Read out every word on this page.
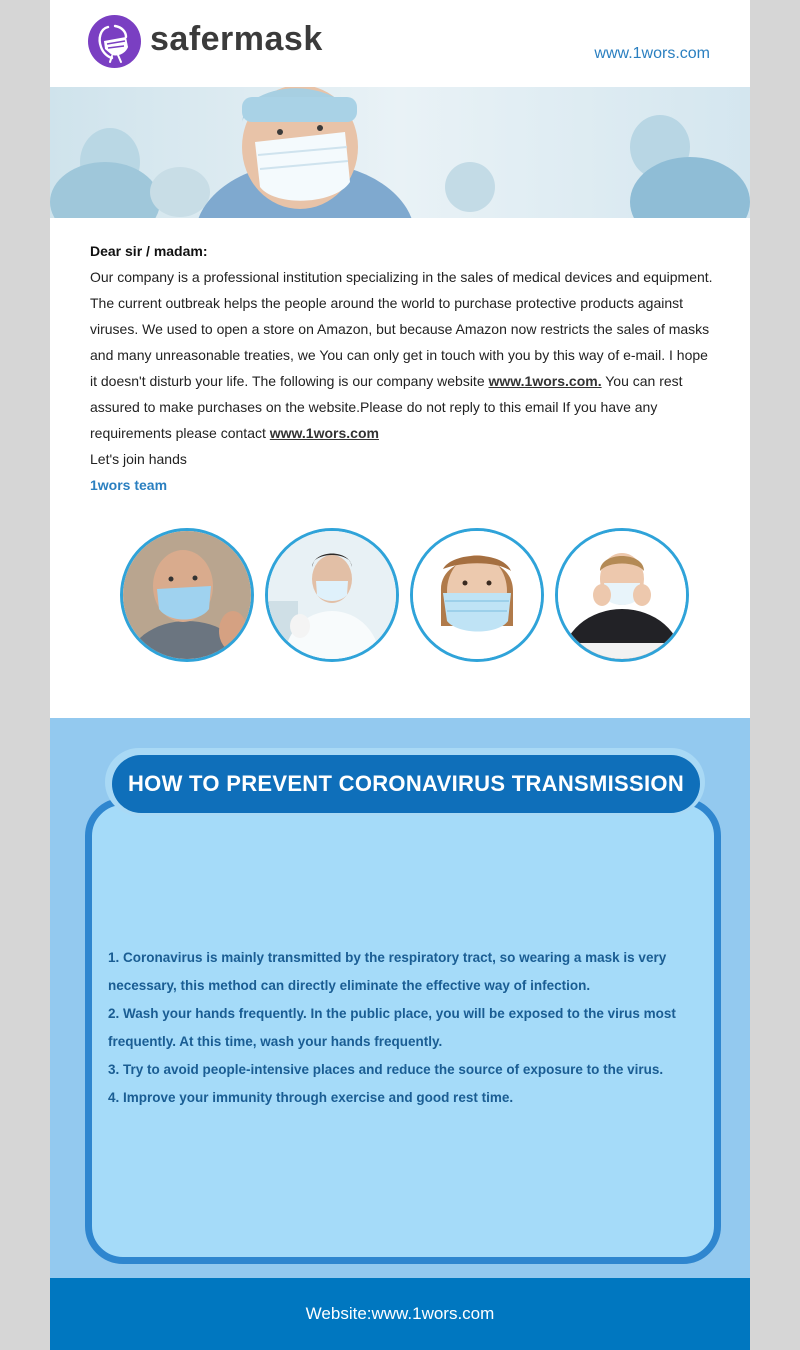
safermask	www.1wors.com
Dear sir / madam:
Our company is a professional institution specializing in the sales of medical devices and equipment. The current outbreak helps the people around the world to purchase protective products against viruses. We used to open a store on Amazon, but because Amazon now restricts the sales of masks and many unreasonable treaties, we You can only get in touch with you by this way of e-mail. I hope it doesn't disturb your life. The following is our company website www.1wors.com. You can rest assured to make purchases on the website.Please do not reply to this email If you have any requirements please contact www.1wors.com
Let's join hands
1wors team
HOW TO PREVENT CORONAVIRUS TRANSMISSION

1. Coronavirus is mainly transmitted by the respiratory tract, so wearing a mask is very necessary, this method can directly eliminate the effective way of infection.

2. Wash your hands frequently. In the public place, you will be exposed to the virus most frequently. At this time, wash your hands frequently.

3. Try to avoid people-intensive places and reduce the source of exposure to the virus.

4. Improve your immunity through exercise and good rest time.

Website:www.1wors.com
